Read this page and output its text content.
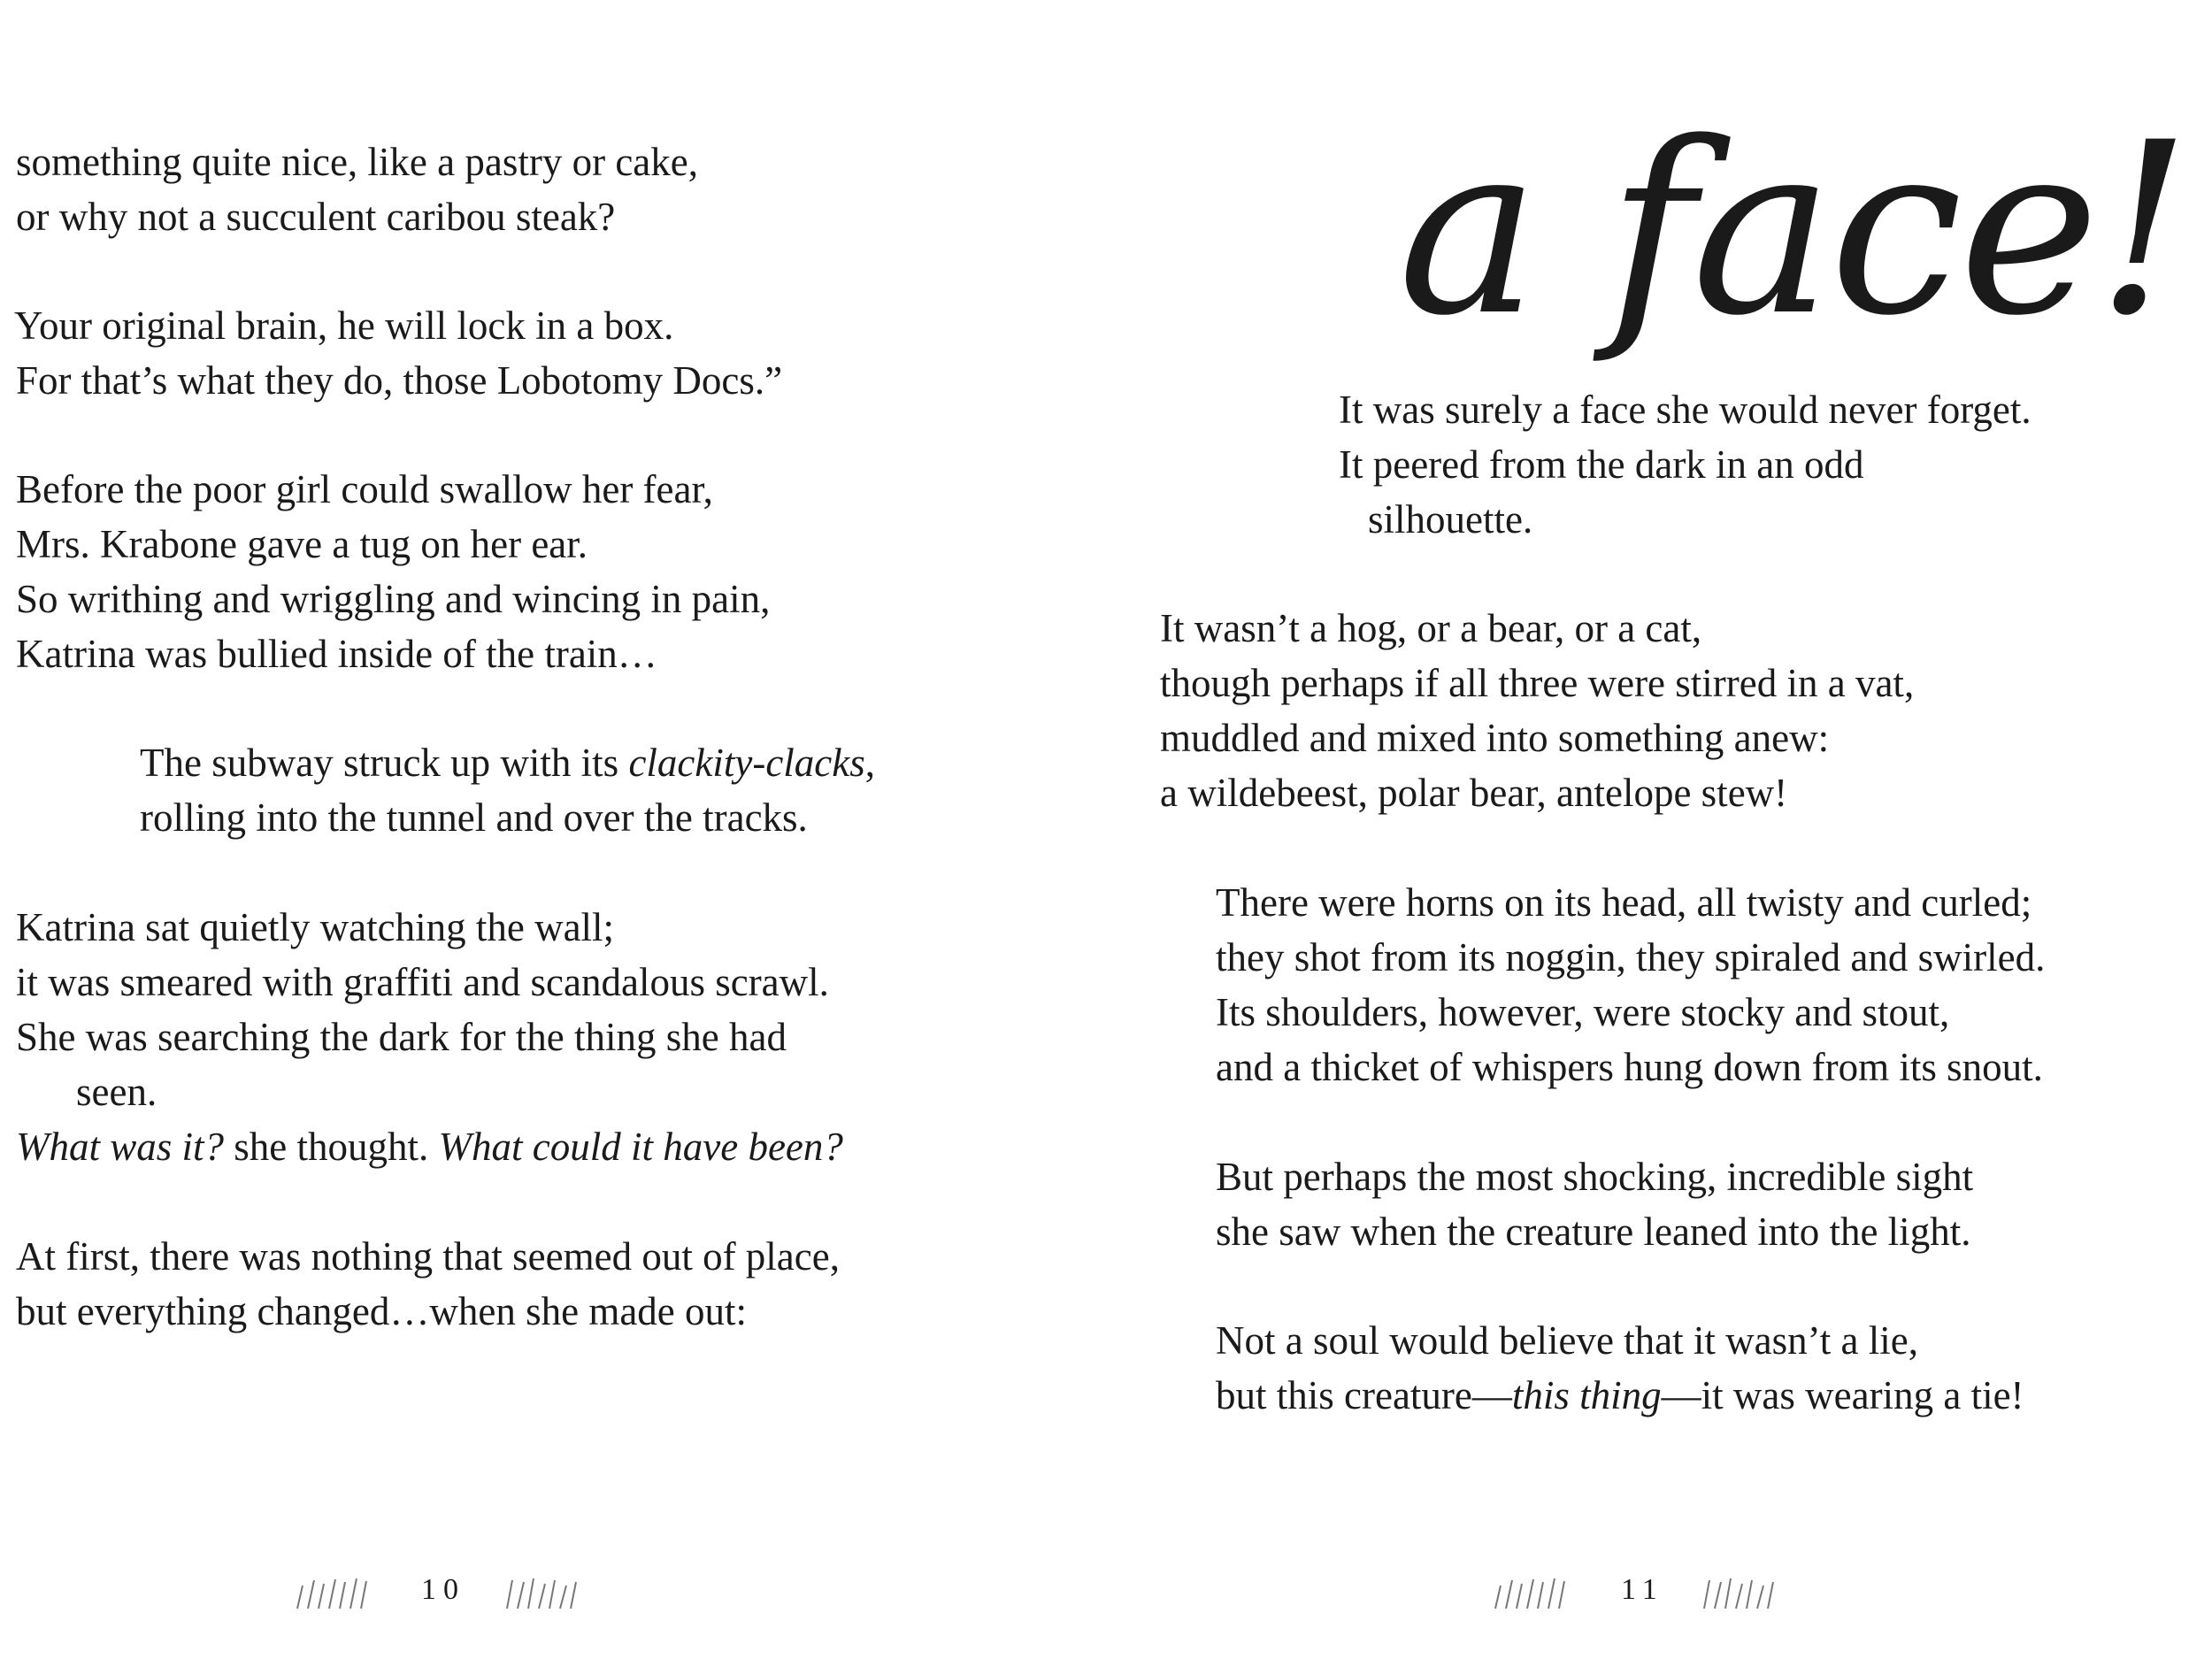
something quite nice, like a pastry or cake,
or why not a succulent caribou steak?
Your original brain, he will lock in a box.
For that’s what they do, those Lobotomy Docs.”
Before the poor girl could swallow her fear,
Mrs. Krabone gave a tug on her ear.
So writhing and wriggling and wincing in pain,
Katrina was bullied inside of the train…
The subway struck up with its clackity-clacks,
rolling into the tunnel and over the tracks.
Katrina sat quietly watching the wall;
it was smeared with graffiti and scandalous scrawl.
She was searching the dark for the thing she had
seen.
What was it? she thought. What could it have been?
At first, there was nothing that seemed out of place,
but everything changed…when she made out:
10
a face!
It was surely a face she would never forget.
It peered from the dark in an odd
silhouette.
It wasn’t a hog, or a bear, or a cat,
though perhaps if all three were stirred in a vat,
muddled and mixed into something anew:
a wildebeest, polar bear, antelope stew!
There were horns on its head, all twisty and curled;
they shot from its noggin, they spiraled and swirled.
Its shoulders, however, were stocky and stout,
and a thicket of whispers hung down from its snout.
But perhaps the most shocking, incredible sight
she saw when the creature leaned into the light.
Not a soul would believe that it wasn’t a lie,
but this creature—this thing—it was wearing a tie!
11
